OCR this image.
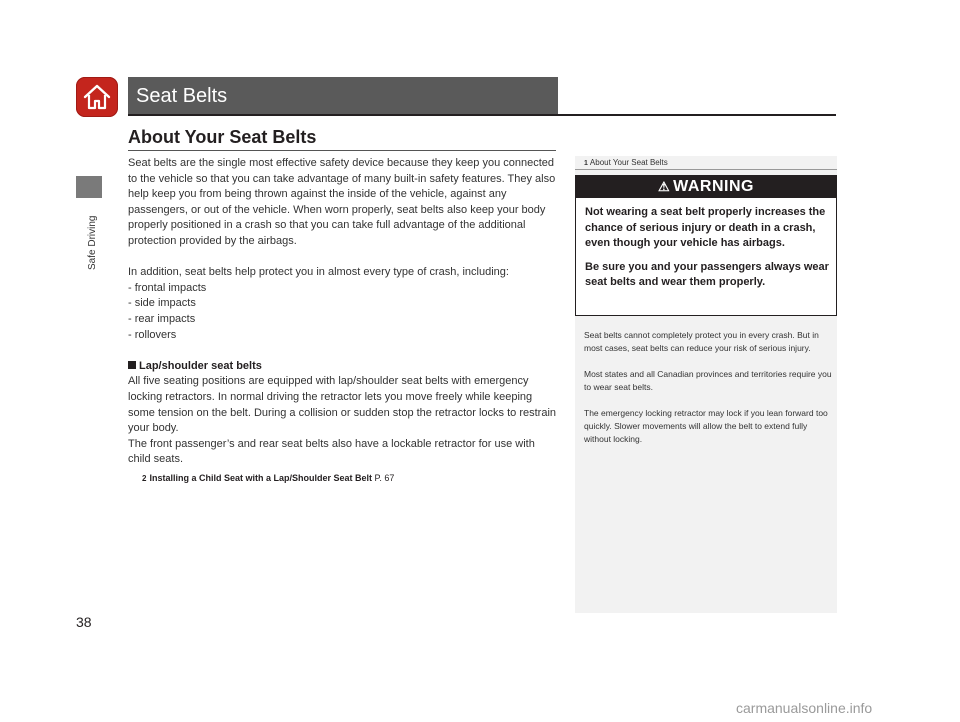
Safe Driving
Seat Belts
About Your Seat Belts

Seat belts are the single most effective safety device because they keep you connected to the vehicle so that you can take advantage of many built-in safety features. They also help keep you from being thrown against the inside of the vehicle, against any passengers, or out of the vehicle. When worn properly, seat belts also keep your body properly positioned in a crash so that you can take full advantage of the additional protection provided by the airbags.

In addition, seat belts help protect you in almost every type of crash, including:

- frontal impacts

- side impacts

- rear impacts

- rollovers

Lap/shoulder seat belts

All five seating positions are equipped with lap/shoulder seat belts with emergency locking retractors. In normal driving the retractor lets you move freely while keeping some tension on the belt. During a collision or sudden stop the retractor locks to restrain your body.

The front passenger’s and rear seat belts also have a lockable retractor for use with child seats.

2 Installing a Child Seat with a Lap/Shoulder Seat Belt P. 67
1 About Your Seat Belts
⚠ WARNING

Not wearing a seat belt properly increases the chance of serious injury or death in a crash, even though your vehicle has airbags.

Be sure you and your passengers always wear seat belts and wear them properly.

Seat belts cannot completely protect you in every crash. But in most cases, seat belts can reduce your risk of serious injury.

Most states and all Canadian provinces and territories require you to wear seat belts.

The emergency locking retractor may lock if you lean forward too quickly. Slower movements will allow the belt to extend fully without locking.

38
carmanualsonline.info
